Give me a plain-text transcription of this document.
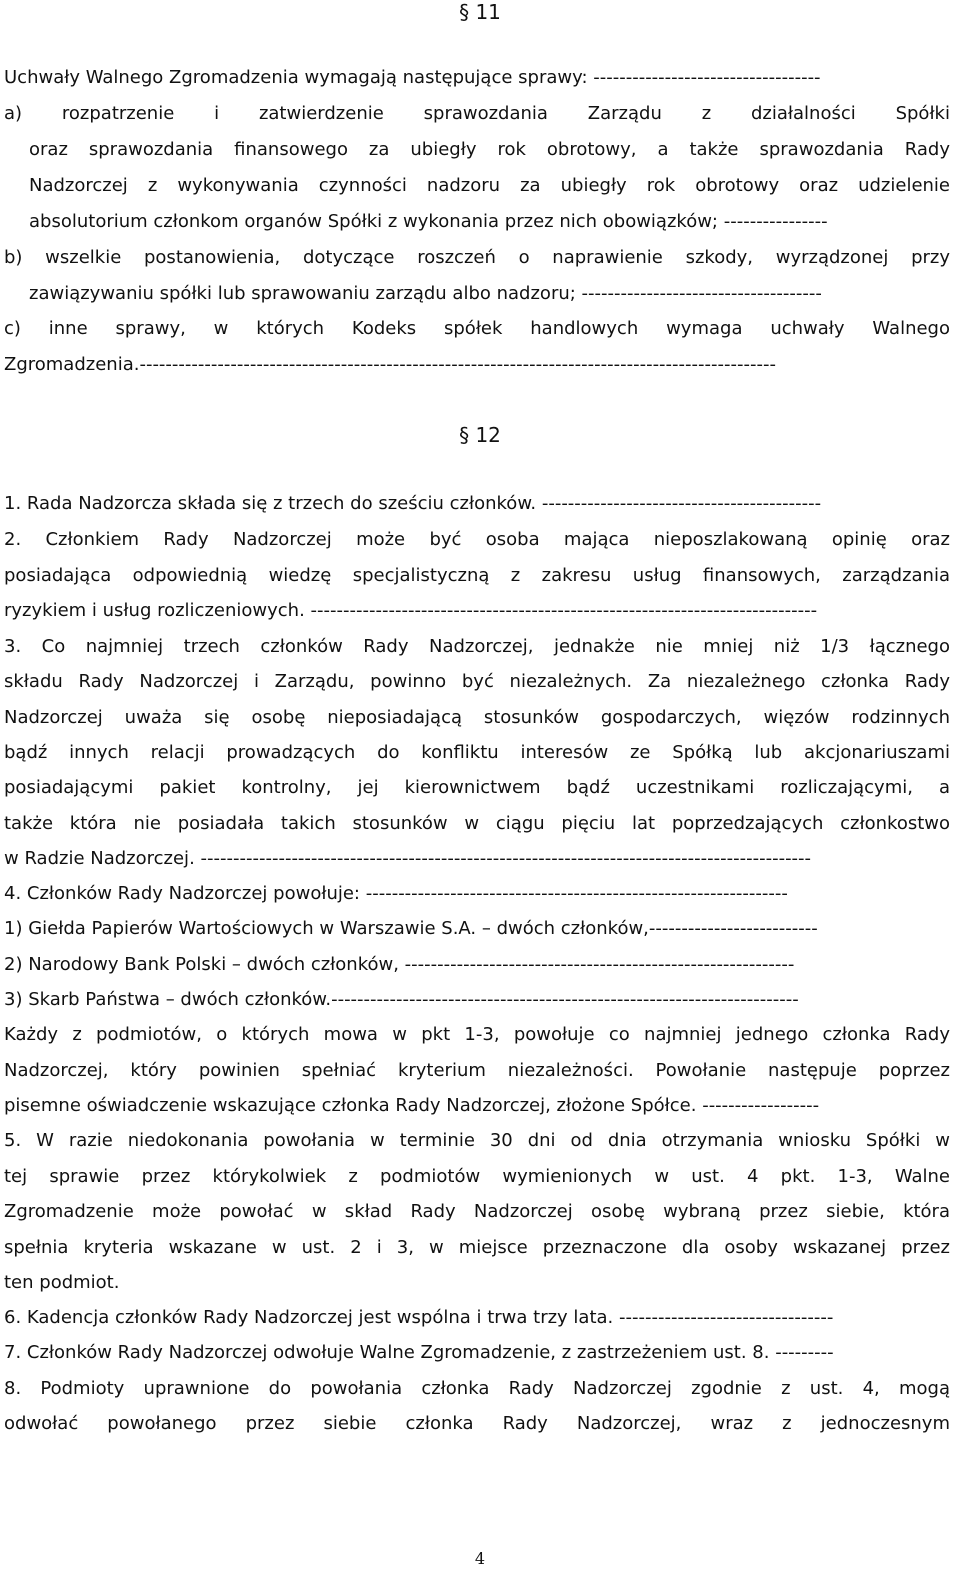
§ 11
Uchwały Walnego Zgromadzenia wymagają następujące sprawy: -----------------------------------
a) rozpatrzenie i zatwierdzenie sprawozdania Zarządu z działalności Spółki
oraz sprawozdania finansowego za ubiegły rok obrotowy, a także sprawozdania Rady
Nadzorczej z wykonywania czynności nadzoru za ubiegły rok obrotowy oraz udzielenie
absolutorium członkom organów Spółki z wykonania przez nich obowiązków; ----------------
b) wszelkie postanowienia, dotyczące roszczeń o naprawienie szkody, wyrządzonej przy
zawiązywaniu spółki lub sprawowaniu zarządu albo nadzoru; -------------------------------------
c) inne sprawy, w których Kodeks spółek handlowych wymaga uchwały Walnego
Zgromadzenia.--------------------------------------------------------------------------------------------------
§ 12
1. Rada Nadzorcza składa się z trzech do sześciu członków. -------------------------------------------
2. Członkiem Rady Nadzorczej może być osoba mająca nieposzlakowaną opinię oraz
posiadająca odpowiednią wiedzę specjalistyczną z zakresu usług finansowych, zarządzania
ryzykiem i usług rozliczeniowych. ------------------------------------------------------------------------------
3. Co najmniej trzech członków Rady Nadzorczej, jednakże nie mniej niż 1/3 łącznego
składu Rady Nadzorczej i Zarządu, powinno być niezależnych. Za niezależnego członka Rady
Nadzorczej uważa się osobę nieposiadającą stosunków gospodarczych, więzów rodzinnych
bądź innych relacji prowadzących do konfliktu interesów ze Spółką lub akcjonariuszami
posiadającymi pakiet kontrolny, jej kierownictwem bądź uczestnikami rozliczającymi, a
także która nie posiadała takich stosunków w ciągu pięciu lat poprzedzających członkostwo
w Radzie Nadzorczej. ----------------------------------------------------------------------------------------------
4. Członków Rady Nadzorczej powołuje: -----------------------------------------------------------------
1) Giełda Papierów Wartościowych w Warszawie S.A. – dwóch członków,--------------------------
2) Narodowy Bank Polski – dwóch członków, ------------------------------------------------------------
3) Skarb Państwa – dwóch członków.------------------------------------------------------------------------
Każdy z podmiotów, o których mowa w pkt 1-3, powołuje co najmniej jednego członka Rady
Nadzorczej, który powinien spełniać kryterium niezależności. Powołanie następuje poprzez
pisemne oświadczenie wskazujące członka Rady Nadzorczej, złożone Spółce. ------------------
5. W razie niedokonania powołania w terminie 30 dni od dnia otrzymania wniosku Spółki w
tej sprawie przez którykolwiek z podmiotów wymienionych w ust. 4 pkt. 1-3, Walne
Zgromadzenie może powołać w skład Rady Nadzorczej osobę wybraną przez siebie, która
spełnia kryteria wskazane w ust. 2 i 3, w miejsce przeznaczone dla osoby wskazanej przez
ten podmiot.
6. Kadencja członków Rady Nadzorczej jest wspólna i trwa trzy lata. ---------------------------------
7. Członków Rady Nadzorczej odwołuje Walne Zgromadzenie, z zastrzeżeniem ust. 8. ---------
8. Podmioty uprawnione do powołania członka Rady Nadzorczej zgodnie z ust. 4, mogą
odwołać powołanego przez siebie członka Rady Nadzorczej, wraz z jednoczesnym
4
